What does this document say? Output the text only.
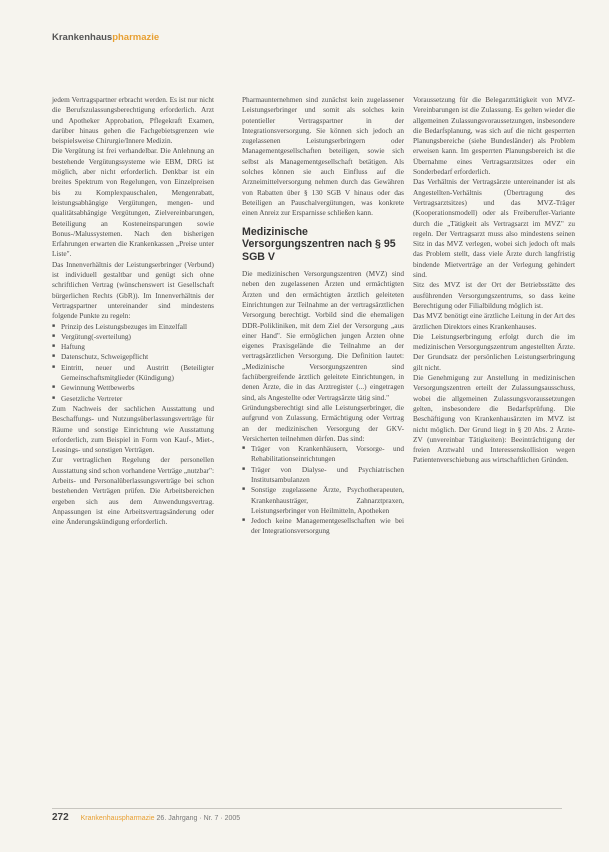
Krankenhauspharmazie

jedem Vertragspartner erbracht werden. Es ist nur nicht die Berufszulassungsberechtigung erforderlich. Arzt und Apotheker Approbation, Pflegekraft Examen, darüber hinaus gehen die Fachgebietsgrenzen wie beispielsweise Chirurgie/Innere Medizin.

Die Vergütung ist frei verhandelbar. Die Anlehnung an bestehende Vergütungssysteme wie EBM, DRG ist möglich, aber nicht erforderlich. Denkbar ist ein breites Spektrum von Regelungen, von Einzelpreisen bis zu Komplexpauschalen, Mengenrabatt, leistungsabhängige Vergütungen, mengen- und qualitätsabhängige Vergütungen, Zielvereinbarungen, Beteiligung an Kosteneinsparungen sowie Bonus-/Malussystemen. Nach den bisherigen Erfahrungen erwarten die Krankenkassen „Preise unter Liste".

Das Innenverhältnis der Leistungserbringer (Verbund) ist individuell gestaltbar und genügt sich ohne schriftlichen Vertrag (wünschenswert ist Gesellschaft bürgerlichen Rechts (GbR)). Im Innenverhältnis der Vertragspartner untereinander sind mindestens folgende Punkte zu regeln:

■ Prinzip des Leistungsbezuges im Einzelfall
■ Vergütung(-sverteilung)
■ Haftung
■ Datenschutz, Schweigepflicht
■ Eintritt, neuer und Austritt (Beteiligter Gemeinschaftsmitglieder (Kündigung)
■ Gewinnung Wettbewerbs
■ Gesetzliche Vertreter

Zum Nachweis der sachlichen Ausstattung und Beschaffungs- und Nutzungsüberlassungsverträge für Räume und sonstige Einrichtung wie Ausstattung erforderlich, zum Beispiel in Form von Kauf-, Miet-, Leasings- und sonstigen Verträgen.

Zur vertraglichen Regelung der personellen Ausstattung sind schon vorhandene Verträge „nutzbar": Arbeits- und Personalüberlassungsverträge bei schon bestehenden Verträgen prüfen. Die Arbeitsbereichen ergeben sich aus dem Anwendungsvertrag. Anpassungen ist eine Arbeitsvertragsänderung oder eine Änderungskündigung erforderlich.

Pharmaunternehmen sind zunächst kein zugelassener Leistungserbringer und somit als solches kein potentieller Vertragspartner in der Integrationsversorgung. Sie können sich jedoch an zugelassenen Leistungserbringern oder Managementgesellschaften beteiligen, sowie sich selbst als Managementgesellschaft betätigen. Als solches können sie auch Einfluss auf die Arzneimittelversorgung nehmen durch das Gewähren von Rabatten über § 130 SGB V hinaus oder das Beteiligen an Pauschalvergütungen, was konkrete einen Anreiz zur Ersparnisse schließen kann.

Medizinische Versorgungszentren nach § 95 SGB V

Die medizinischen Versorgungszentren (MVZ) sind neben den zugelassenen Ärzten und ermächtigten Ärzten und den ermächtigten ärztlich geleiteten Einrichtungen zur Teilnahme an der vertragsärztlichen Versorgung berechtigt. Vorbild sind die ehemaligen DDR-Polikliniken, mit dem Ziel der Versorgung „aus einer Hand". Sie ermöglichen jungen Ärzten ohne eigenes Praxisgelände die Teilnahme an der vertragsärztlichen Versorgung. Die Definition lautet: „Medizinische Versorgungszentren sind fachübergreifende ärztlich geleitete Einrichtungen, in denen Ärzte, die in das Arztregister (...) eingetragen sind, als Angestellte oder Vertragsärzte tätig sind."

Gründungsberechtigt sind alle Leistungserbringer, die aufgrund von Zulassung, Ermächtigung oder Vertrag an der medizinischen Versorgung der GKV-Versicherten teilnehmen dürfen. Das sind:

■ Träger von Krankenhäusern, Vorsorge- und Rehabilitationseinrichtungen
■ Träger von Dialyse- und Psychiatrischen Institutsambulanzen
■ Sonstige zugelassene Ärzte, Psychotherapeuten, Krankenhausträger, Zahnarztpraxen, Leistungserbringer von Heilmitteln, Apotheken
■ Jedoch keine Managementgesellschaften wie bei der Integrationsversorgung

Voraussetzung für die Belegarzttätigkeit von MVZ-Vereinbarungen ist die Zulassung. Es gelten wieder die allgemeinen Zulassungsvoraussetzungen, insbesondere die Bedarfsplanung, was sich auf die nicht gesperrten Planungsbereiche (siehe Bundesländer) als Problem erweisen kann. Im gesperrten Planungsbereich ist die Übernahme eines Vertragsarztsitzes oder ein Sonderbedarf erforderlich.

Das Verhältnis der Vertragsärzte untereinander ist als Angestellten-Verhältnis (Übertragung des Vertragsarztsitzes) und das MVZ-Träger (Kooperationsmodell) oder als Freiberufler-Variante durch die „Tätigkeit als Vertragsarzt im MVZ" zu regeln. Der Vertragsarzt muss also mindestens seinen Sitz in das MVZ verlegen, wobei sich jedoch oft mals das Problem stellt, dass viele Ärzte durch langfristig bindende Mietverträge an der Verlegung gehindert sind.

Sitz des MVZ ist der Ort der Betriebsstätte des ausführenden Versorgungszentrums, so dass keine Berechtigung oder Filialbildung möglich ist.

Das MVZ benötigt eine ärztliche Leitung in der Art des ärztlichen Direktors eines Krankenhauses.

Die Leistungserbringung erfolgt durch die im medizinischen Versorgungszentrum angestellten Ärzte. Der Grundsatz der persönlichen Leistungserbringung gilt nicht.

Die Genehmigung zur Anstellung in medizinischen Versorgungszentren erteilt der Zulassungsausschuss, wobei die allgemeinen Zulassungsvoraussetzungen gelten, insbesondere die Bedarfsprüfung. Die Beschäftigung von Krankenhausärzten im MVZ ist nicht möglich. Der Grund liegt in § 20 Abs. 2 Ärzte-ZV (unvereinbar Tätigkeiten): Beeinträchtigung der freien Arztwahl und Interessenskollision wegen Patientenverschiebung aus wirtschaftlichen Gründen.

272 Krankenhauspharmazie 26. Jahrgang · Nr. 7 · 2005
